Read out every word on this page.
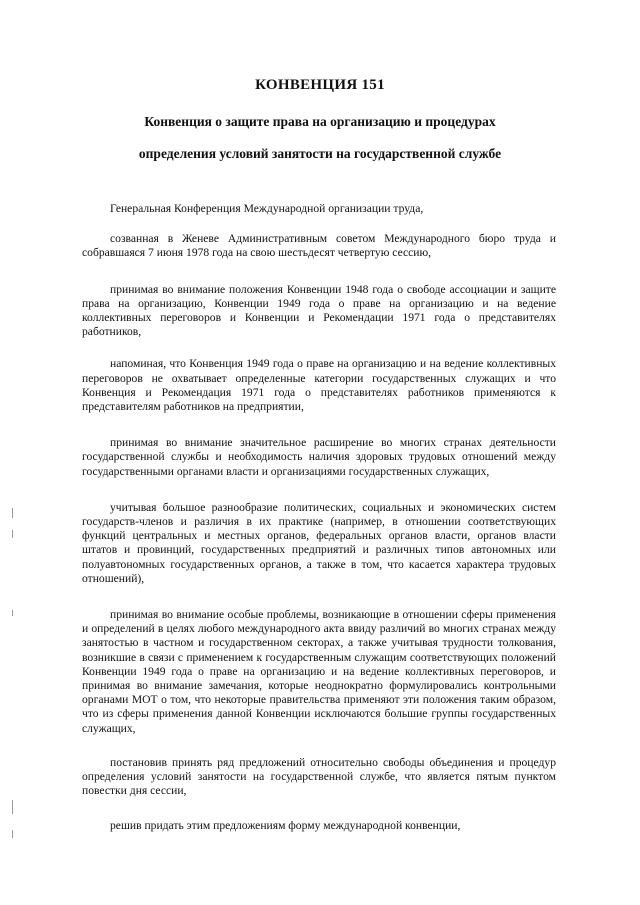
КОНВЕНЦИЯ 151
Конвенция о защите права на организацию и процедурах
определения условий занятости на государственной службе

Генеральная Конференция Международной организации труда,

созванная в Женеве Административным советом Международного бюро труда и собравшаяся 7 июня 1978 года на свою шестьдесят четвертую сессию,

принимая во внимание положения Конвенции 1948 года о свободе ассоциации и защите права на организацию, Конвенции 1949 года о праве на организацию и на ведение коллективных переговоров и Конвенции и Рекомендации 1971 года о представителях работников,

напоминая, что Конвенция 1949 года о праве на организацию и на ведение коллективных переговоров не охватывает определенные категории государственных служащих и что Конвенция и Рекомендация 1971 года о представителях работников применяются к представителям работников на предприятии,

принимая во внимание значительное расширение во многих странах деятельности государственной службы и необходимость наличия здоровых трудовых отношений между государственными органами власти и организациями государственных служащих,

учитывая большое разнообразие политических, социальных и экономических систем государств-членов и различия в их практике (например, в отношении соответствующих функций центральных и местных органов, федеральных органов власти, органов власти штатов и провинций, государственных предприятий и различных типов автономных или полуавтономных государственных органов, а также в том, что касается характера трудовых отношений),

принимая во внимание особые проблемы, возникающие в отношении сферы применения и определений в целях любого международного акта ввиду различий во многих странах между занятостью в частном и государственном секторах, а также учитывая трудности толкования, возникшие в связи с применением к государственным служащим соответствующих положений Конвенции 1949 года о праве на организацию и на ведение коллективных переговоров, и принимая во внимание замечания, которые неоднократно формулировались контрольными органами МОТ о том, что некоторые правительства применяют эти положения таким образом, что из сферы применения данной Конвенции исключаются большие группы государственных служащих,

постановив принять ряд предложений относительно свободы объединения и процедур определения условий занятости на государственной службе, что является пятым пунктом повестки дня сессии,

решив придать этим предложениям форму международной конвенции,
